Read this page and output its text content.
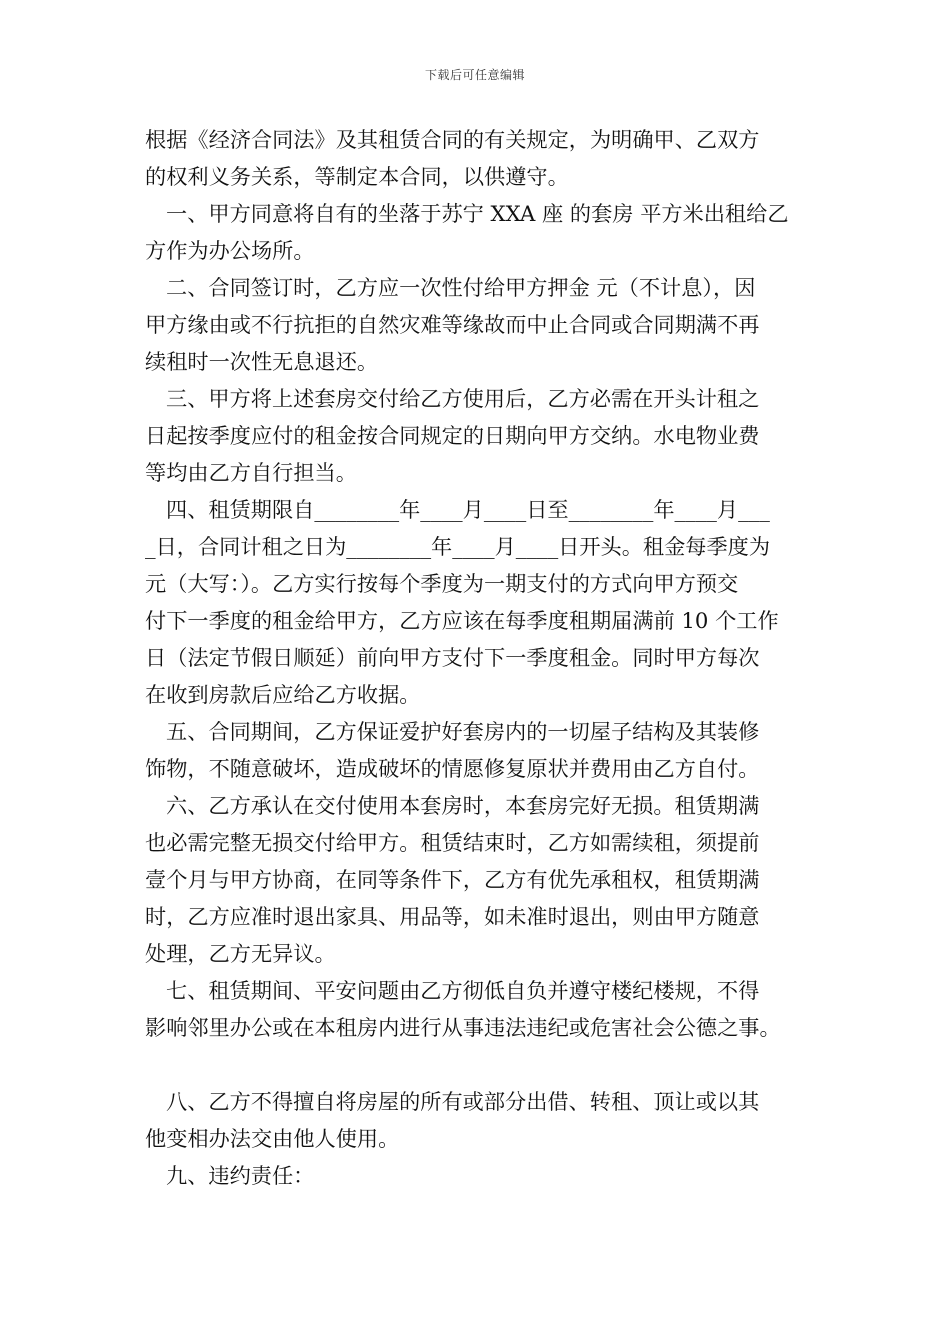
下载后可任意编辑
根据《经济合同法》及其租赁合同的有关规定，为明确甲、乙双方
的权利义务关系，等制定本合同，以供遵守。
一、甲方同意将自有的坐落于苏宁 XXA 座 的套房 平方米出租给乙
方作为办公场所。
二、合同签订时，乙方应一次性付给甲方押金 元（不计息），因
甲方缘由或不行抗拒的自然灾难等缘故而中止合同或合同期满不再
续租时一次性无息退还。
三、甲方将上述套房交付给乙方使用后，乙方必需在开头计租之
日起按季度应付的租金按合同规定的日期向甲方交纳。水电物业费
等均由乙方自行担当。
四、租赁期限自________年____月____日至________年____月___
_日，合同计租之日为________年____月____日开头。租金每季度为
元（大写：）。乙方实行按每个季度为一期支付的方式向甲方预交
付下一季度的租金给甲方，乙方应该在每季度租期届满前 10 个工作
日（法定节假日顺延）前向甲方支付下一季度租金。同时甲方每次
在收到房款后应给乙方收据。
五、合同期间，乙方保证爱护好套房内的一切屋子结构及其装修
饰物，不随意破坏，造成破坏的情愿修复原状并费用由乙方自付。
六、乙方承认在交付使用本套房时，本套房完好无损。租赁期满
也必需完整无损交付给甲方。租赁结束时，乙方如需续租，须提前
壹个月与甲方协商，在同等条件下，乙方有优先承租权，租赁期满
时，乙方应准时退出家具、用品等，如未准时退出，则由甲方随意
处理，乙方无异议。
七、租赁期间、平安问题由乙方彻低自负并遵守楼纪楼规，不得
影响邻里办公或在本租房内进行从事违法违纪或危害社会公德之事。
八、乙方不得擅自将房屋的所有或部分出借、转租、顶让或以其
他变相办法交由他人使用。
九、违约责任：
